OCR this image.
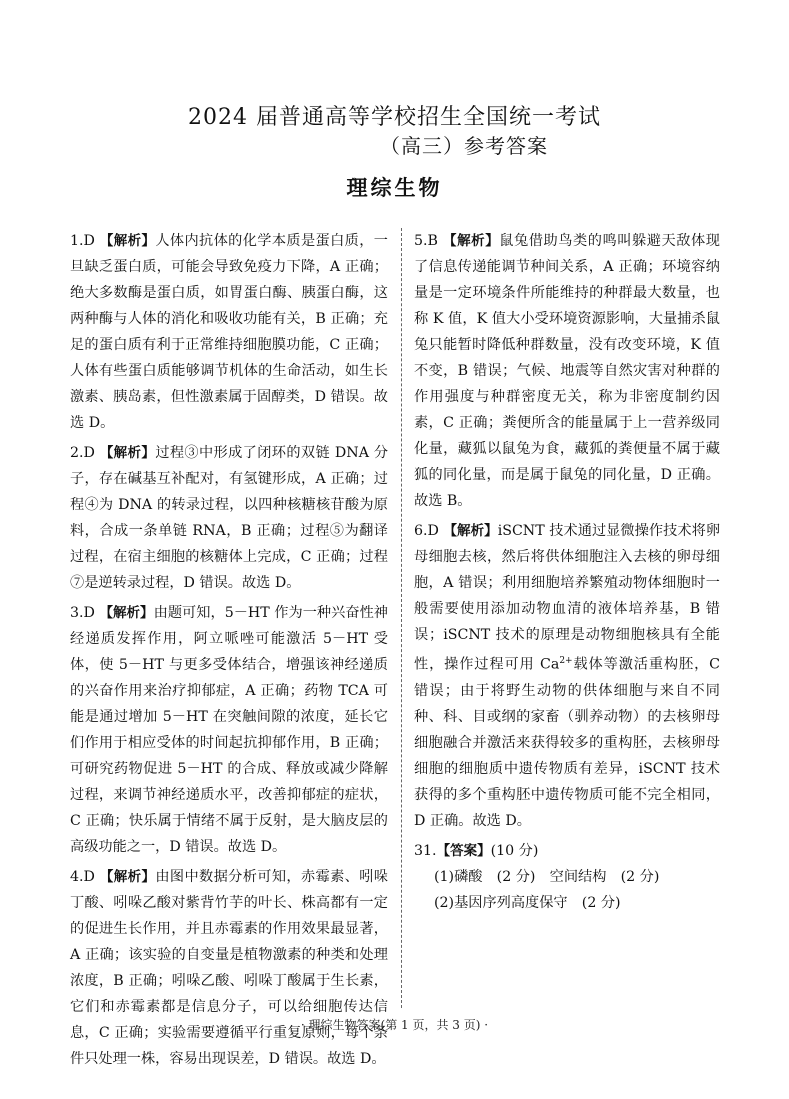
2024 届普通高等学校招生全国统一考试
（高三）参考答案
理综生物
1.D 【解析】人体内抗体的化学本质是蛋白质，一旦缺乏蛋白质，可能会导致免疫力下降，A 正确；绝大多数酶是蛋白质，如胃蛋白酶、胰蛋白酶，这两种酶与人体的消化和吸收功能有关，B 正确；充足的蛋白质有利于正常维持细胞膜功能，C 正确；人体有些蛋白质能够调节机体的生命活动，如生长激素、胰岛素，但性激素属于固醇类，D 错误。故选 D。
2.D 【解析】过程③中形成了闭环的双链 DNA 分子，存在碱基互补配对，有氢键形成，A 正确；过程④为 DNA 的转录过程，以四种核糖核苷酸为原料，合成一条单链 RNA，B 正确；过程⑤为翻译过程，在宿主细胞的核糖体上完成，C 正确；过程⑦是逆转录过程，D 错误。故选 D。
3.D 【解析】由题可知，5－HT 作为一种兴奋性神经递质发挥作用，阿立哌唑可能激活 5－HT 受体，使 5－HT 与更多受体结合，增强该神经递质的兴奋作用来治疗抑郁症，A 正确；药物 TCA 可能是通过增加 5－HT 在突触间隙的浓度，延长它们作用于相应受体的时间起抗抑郁作用，B 正确；可研究药物促进 5－HT 的合成、释放或减少降解过程，来调节神经递质水平，改善抑郁症的症状，C 正确；快乐属于情绪不属于反射，是大脑皮层的高级功能之一，D 错误。故选 D。
4.D 【解析】由图中数据分析可知，赤霉素、吲哚丁酸、吲哚乙酸对紫背竹芋的叶长、株高都有一定的促进生长作用，并且赤霉素的作用效果最显著，A 正确；该实验的自变量是植物激素的种类和处理浓度，B 正确；吲哚乙酸、吲哚丁酸属于生长素，它们和赤霉素都是信息分子，可以给细胞传达信息，C 正确；实验需要遵循平行重复原则，每个条件只处理一株，容易出现误差，D 错误。故选 D。
5.B 【解析】鼠兔借助鸟类的鸣叫躲避天敌体现了信息传递能调节种间关系，A 正确；环境容纳量是一定环境条件所能维持的种群最大数量，也称 K 值，K 值大小受环境资源影响，大量捕杀鼠兔只能暂时降低种群数量，没有改变环境，K 值不变，B 错误；气候、地震等自然灾害对种群的作用强度与种群密度无关，称为非密度制约因素，C 正确；粪便所含的能量属于上一营养级同化量，藏狐以鼠兔为食，藏狐的粪便量不属于藏狐的同化量，而是属于鼠兔的同化量，D 正确。故选 B。
6.D 【解析】iSCNT 技术通过显微操作技术将卵母细胞去核，然后将供体细胞注入去核的卵母细胞，A 错误；利用细胞培养繁殖动物体细胞时一般需要使用添加动物血清的液体培养基，B 错误；iSCNT 技术的原理是动物细胞核具有全能性，操作过程可用 $Ca^{2+}$载体等激活重构胚，C 错误；由于将野生动物的供体细胞与来自不同种、科、目或纲的家畜（驯养动物）的去核卵母细胞融合并激活来获得较多的重构胚，去核卵母细胞的细胞质中遗传物质有差异，iSCNT 技术获得的多个重构胚中遗传物质可能不完全相同，D 正确。故选 D。
31.【答案】(10 分)
(1)磷酸　(2 分)　空间结构　(2 分)
(2)基因序列高度保守　(2 分)
· 理综生物答案(第 1 页，共 3 页) ·
